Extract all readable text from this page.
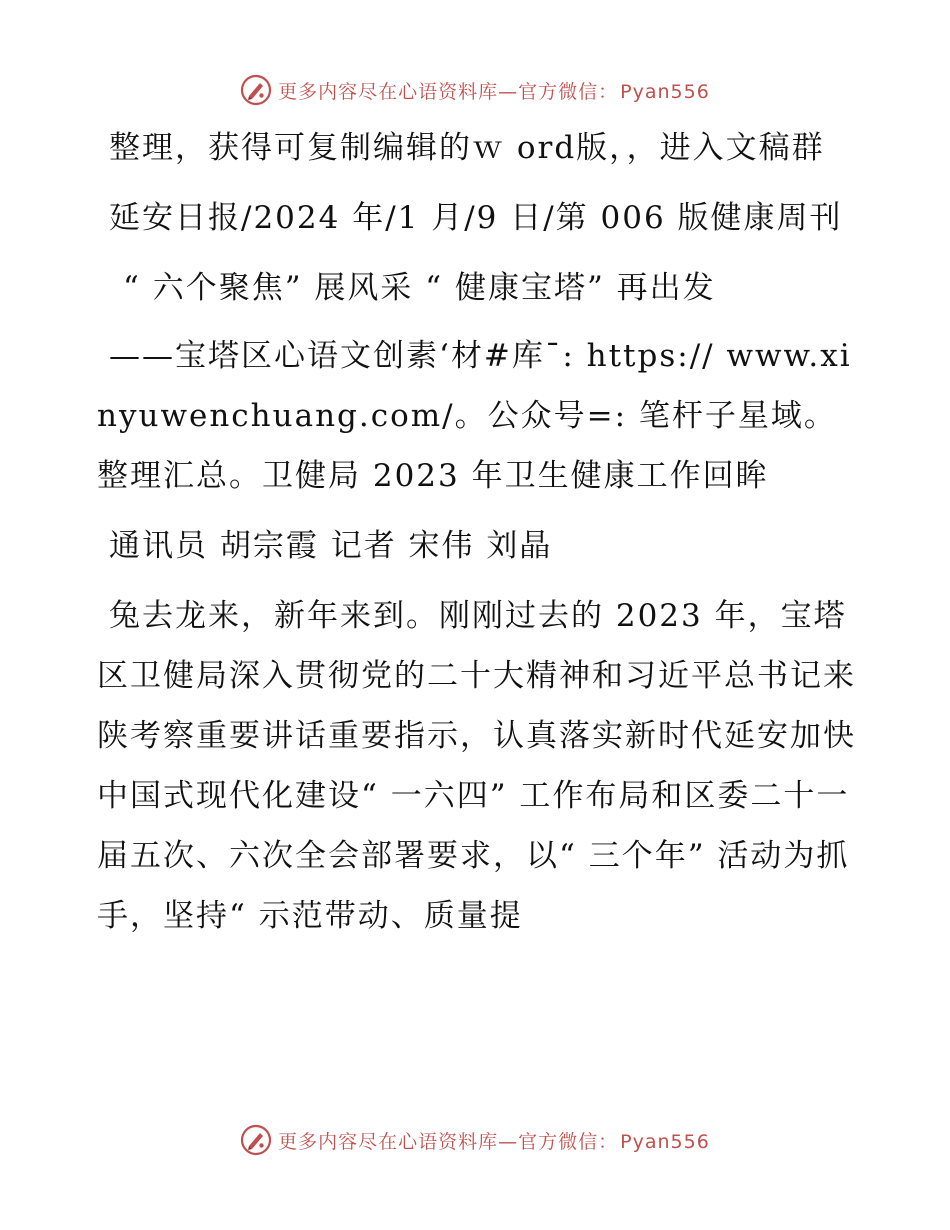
更多内容尽在心语资料库—官方微信： Pyan556

整理，获得可复制编辑的ｗ ord版，，进入文稿群

延安日报/2024 年/1 月/9 日/第 006 版健康周刊

“ 六个聚焦” 展风采 “ 健康宝塔” 再出发

——宝塔区心语文创素‘材#库¯: https:// www.xinyuwenchuang.com/。公众号=: 笔杆子星域。整理汇总。卫健局 2023 年卫生健康工作回眸

通讯员 胡宗霞 记者 宋伟 刘晶

兔去龙来，新年来到。刚刚过去的 2023 年，宝塔区卫健局深入贯彻党的二十大精神和习近平总书记来陕考察重要讲话重要指示，认真落实新时代延安加快中国式现代化建设“ 一六四” 工作布局和区委二十一届五次、六次全会部署要求，以“ 三个年” 活动为抓手，坚持“ 示范带动、质量提

更多内容尽在心语资料库—官方微信： Pyan556
